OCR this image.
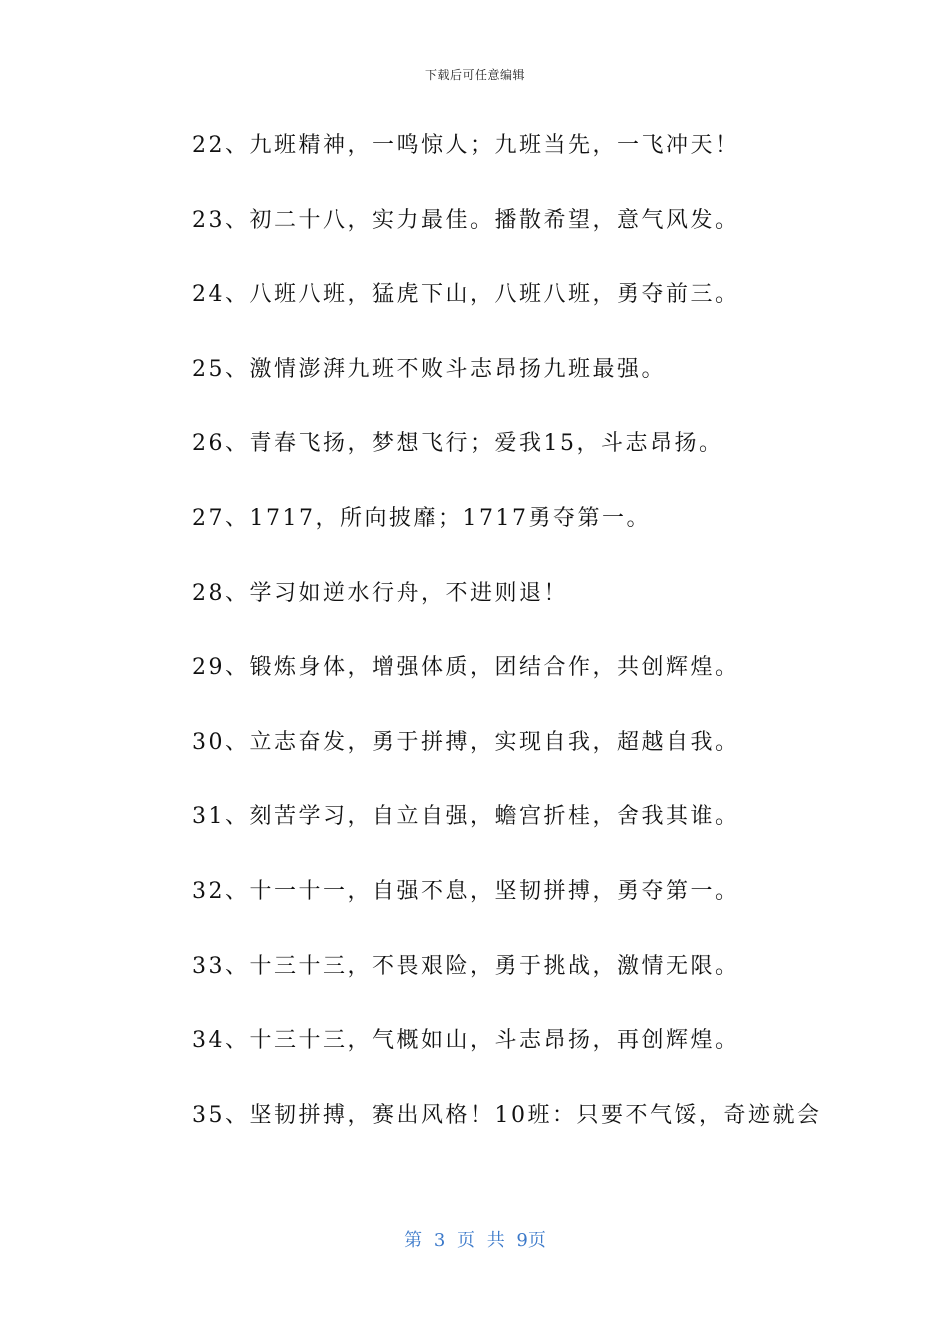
下载后可任意编辑
22、九班精神，一鸣惊人；九班当先，一飞冲天！
23、初二十八，实力最佳。播散希望，意气风发。
24、八班八班，猛虎下山，八班八班，勇夺前三。
25、激情澎湃九班不败斗志昂扬九班最强。
26、青春飞扬，梦想飞行；爱我15，斗志昂扬。
27、1717，所向披靡；1717勇夺第一。
28、学习如逆水行舟，不进则退！
29、锻炼身体，增强体质，团结合作，共创辉煌。
30、立志奋发，勇于拼搏，实现自我，超越自我。
31、刻苦学习，自立自强，蟾宫折桂，舍我其谁。
32、十一十一，自强不息，坚韧拼搏，勇夺第一。
33、十三十三，不畏艰险，勇于挑战，激情无限。
34、十三十三，气概如山，斗志昂扬，再创辉煌。
35、坚韧拼搏，赛出风格！10班：只要不气馁，奇迹就会
第 3 页 共 9页
